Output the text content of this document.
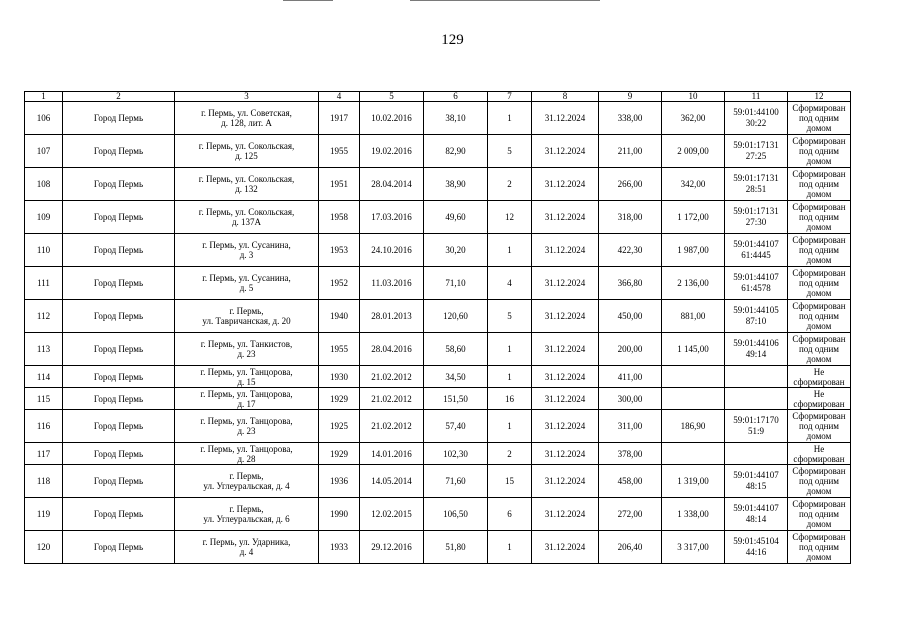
129
1	2	3	4	5	6	7	8	9	10	11	12
106	Город Пермь	г. Пермь, ул. Советская,
д. 128, лит. А	1917	10.02.2016	38,10	1	31.12.2024	338,00	362,00	59:01:44100
30:22	Сформирован
под одним
домом
107	Город Пермь	г. Пермь, ул. Сокольская,
д. 125	1955	19.02.2016	82,90	5	31.12.2024	211,00	2 009,00	59:01:17131
27:25	Сформирован
под одним
домом
108	Город Пермь	г. Пермь, ул. Сокольская,
д. 132	1951	28.04.2014	38,90	2	31.12.2024	266,00	342,00	59:01:17131
28:51	Сформирован
под одним
домом
109	Город Пермь	г. Пермь, ул. Сокольская,
д. 137А	1958	17.03.2016	49,60	12	31.12.2024	318,00	1 172,00	59:01:17131
27:30	Сформирован
под одним
домом
110	Город Пермь	г. Пермь, ул. Сусанина,
д. 3	1953	24.10.2016	30,20	1	31.12.2024	422,30	1 987,00	59:01:44107
61:4445	Сформирован
под одним
домом
111	Город Пермь	г. Пермь, ул. Сусанина,
д. 5	1952	11.03.2016	71,10	4	31.12.2024	366,80	2 136,00	59:01:44107
61:4578	Сформирован
под одним
домом
112	Город Пермь	г. Пермь,
ул. Тавричанская, д. 20	1940	28.01.2013	120,60	5	31.12.2024	450,00	881,00	59:01:44105
87:10	Сформирован
под одним
домом
113	Город Пермь	г. Пермь, ул. Танкистов,
д. 23	1955	28.04.2016	58,60	1	31.12.2024	200,00	1 145,00	59:01:44106
49:14	Сформирован
под одним
домом
114	Город Пермь	г. Пермь, ул. Танцорова,
д. 15	1930	21.02.2012	34,50	1	31.12.2024	411,00			Не сформирован
115	Город Пермь	г. Пермь, ул. Танцорова,
д. 17	1929	21.02.2012	151,50	16	31.12.2024	300,00			Не сформирован
116	Город Пермь	г. Пермь, ул. Танцорова,
д. 23	1925	21.02.2012	57,40	1	31.12.2024	311,00	186,90	59:01:17170
51:9	Сформирован
под одним
домом
117	Город Пермь	г. Пермь, ул. Танцорова,
д. 28	1929	14.01.2016	102,30	2	31.12.2024	378,00			Не сформирован
118	Город Пермь	г. Пермь,
ул. Углеуральская, д. 4	1936	14.05.2014	71,60	15	31.12.2024	458,00	1 319,00	59:01:44107
48:15	Сформирован
под одним
домом
119	Город Пермь	г. Пермь,
ул. Углеуральская, д. 6	1990	12.02.2015	106,50	6	31.12.2024	272,00	1 338,00	59:01:44107
48:14	Сформирован
под одним
домом
120	Город Пермь	г. Пермь, ул. Ударника,
д. 4	1933	29.12.2016	51,80	1	31.12.2024	206,40	3 317,00	59:01:45104
44:16	Сформирован
под одним
домом
